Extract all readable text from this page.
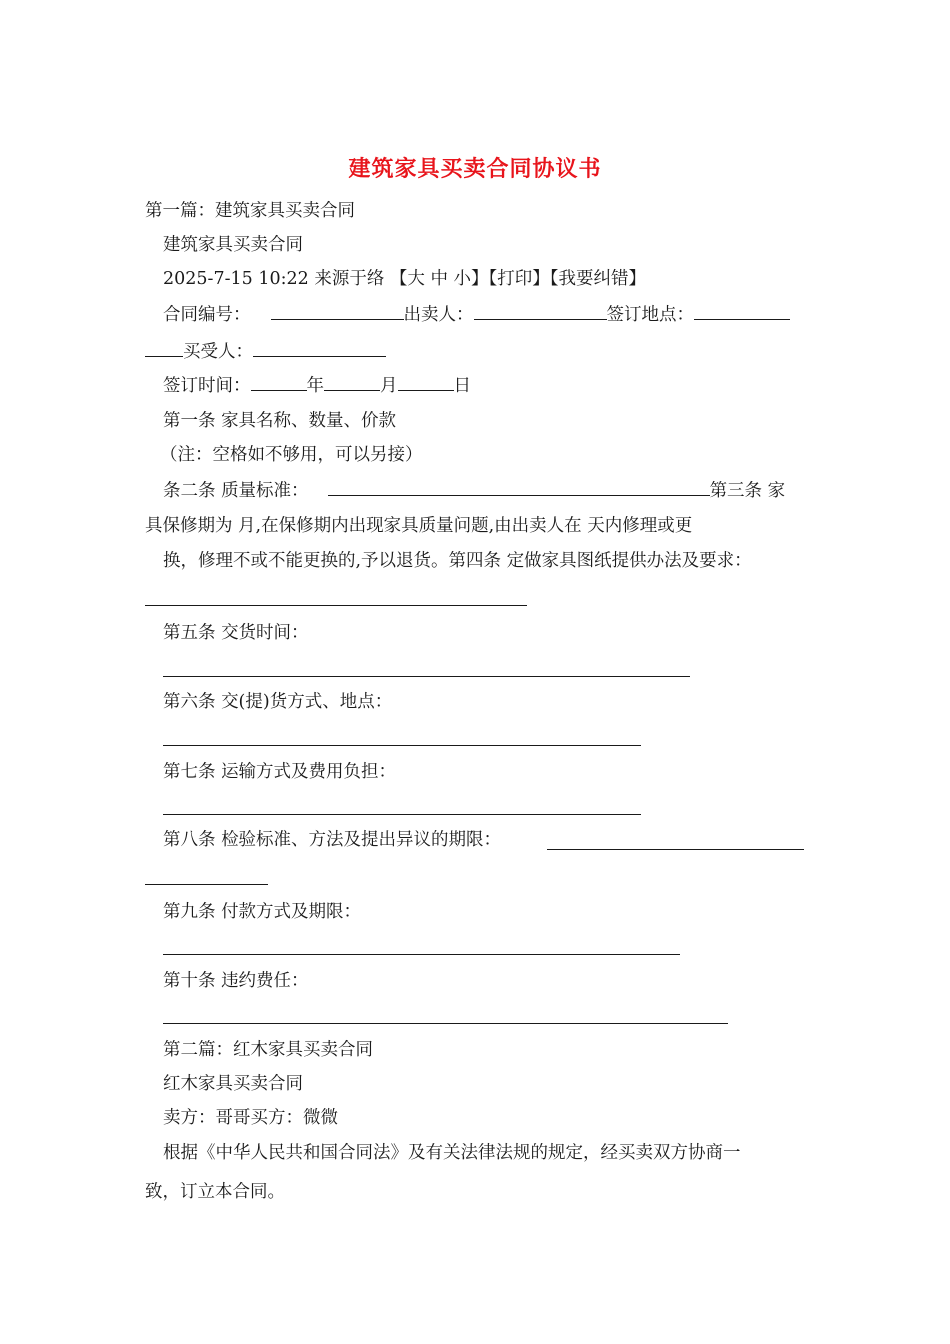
建筑家具买卖合同协议书
第一篇：建筑家具买卖合同
建筑家具买卖合同
2025-7-15 10:22 来源于络 【大 中 小】【打印】【我要纠错】
合同编号：	出卖人：	签订地点：
买受人：
签订时间：	年	月	日
第一条 家具名称、数量、价款
（注：空格如不够用，可以另接）
条二条 质量标准：	第三条 家
具保修期为 月,在保修期内出现家具质量问题,由出卖人在 天内修理或更
换，修理不或不能更换的,予以退货。第四条 定做家具图纸提供办法及要求：
第五条 交货时间：
第六条 交(提)货方式、地点：
第七条 运输方式及费用负担：
第八条 检验标准、方法及提出异议的期限：
第九条 付款方式及期限：
第十条 违约费任：
第二篇：红木家具买卖合同
红木家具买卖合同
卖方：哥哥买方：微微
根据《中华人民共和国合同法》及有关法律法规的规定，经买卖双方协商一
致，订立本合同。
